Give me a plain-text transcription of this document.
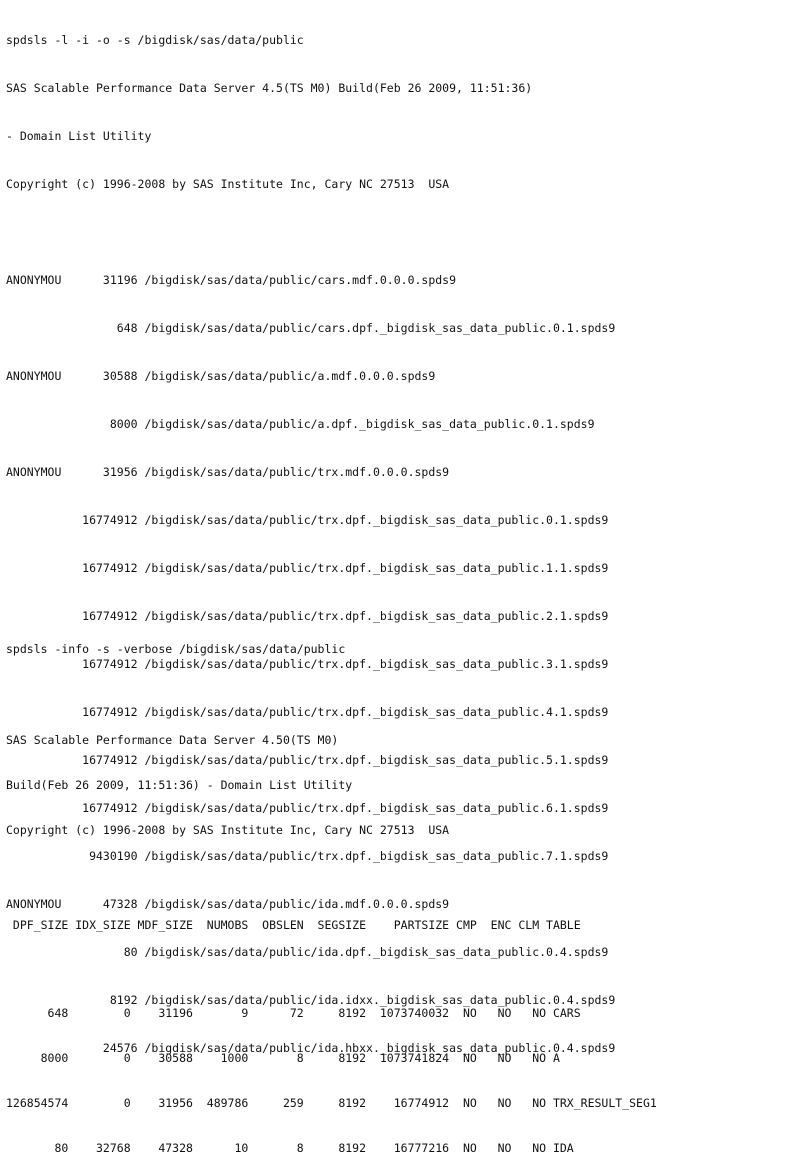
spdsls -l -i -o -s /bigdisk/sas/data/public

SAS Scalable Performance Data Server 4.5(TS M0) Build(Feb 26 2009, 11:51:36)

- Domain List Utility

Copyright (c) 1996-2008 by SAS Institute Inc, Cary NC 27513  USA

ANONYMOU      31196 /bigdisk/sas/data/public/cars.mdf.0.0.0.spds9

648 /bigdisk/sas/data/public/cars.dpf._bigdisk_sas_data_public.0.1.spds9

ANONYMOU      30588 /bigdisk/sas/data/public/a.mdf.0.0.0.spds9

8000 /bigdisk/sas/data/public/a.dpf._bigdisk_sas_data_public.0.1.spds9

ANONYMOU      31956 /bigdisk/sas/data/public/trx.mdf.0.0.0.spds9

16774912 /bigdisk/sas/data/public/trx.dpf._bigdisk_sas_data_public.0.1.spds9

16774912 /bigdisk/sas/data/public/trx.dpf._bigdisk_sas_data_public.1.1.spds9

16774912 /bigdisk/sas/data/public/trx.dpf._bigdisk_sas_data_public.2.1.spds9

16774912 /bigdisk/sas/data/public/trx.dpf._bigdisk_sas_data_public.3.1.spds9

16774912 /bigdisk/sas/data/public/trx.dpf._bigdisk_sas_data_public.4.1.spds9

16774912 /bigdisk/sas/data/public/trx.dpf._bigdisk_sas_data_public.5.1.spds9

16774912 /bigdisk/sas/data/public/trx.dpf._bigdisk_sas_data_public.6.1.spds9

9430190 /bigdisk/sas/data/public/trx.dpf._bigdisk_sas_data_public.7.1.spds9

ANONYMOU      47328 /bigdisk/sas/data/public/ida.mdf.0.0.0.spds9

80 /bigdisk/sas/data/public/ida.dpf._bigdisk_sas_data_public.0.4.spds9

8192 /bigdisk/sas/data/public/ida.idxx._bigdisk_sas_data_public.0.4.spds9

24576 /bigdisk/sas/data/public/ida.hbxx._bigdisk_sas_data_public.0.4.spds9

spdsls -info -s -verbose /bigdisk/sas/data/public

SAS Scalable Performance Data Server 4.50(TS M0)

Build(Feb 26 2009, 11:51:36) - Domain List Utility

Copyright (c) 1996-2008 by SAS Institute Inc, Cary NC 27513  USA

DPF_SIZE IDX_SIZE MDF_SIZE  NUMOBS  OBSLEN  SEGSIZE    PARTSIZE CMP  ENC CLM TABLE

648        0    31196       9      72     8192  1073740032  NO   NO   NO CARS

8000        0    30588    1000       8     8192  1073741824  NO   NO   NO A

126854574        0    31956  489786     259     8192    16774912  NO   NO   NO TRX_RESULT_SEG1

80    32768    47328      10       8     8192    16777216  NO   NO   NO IDA
